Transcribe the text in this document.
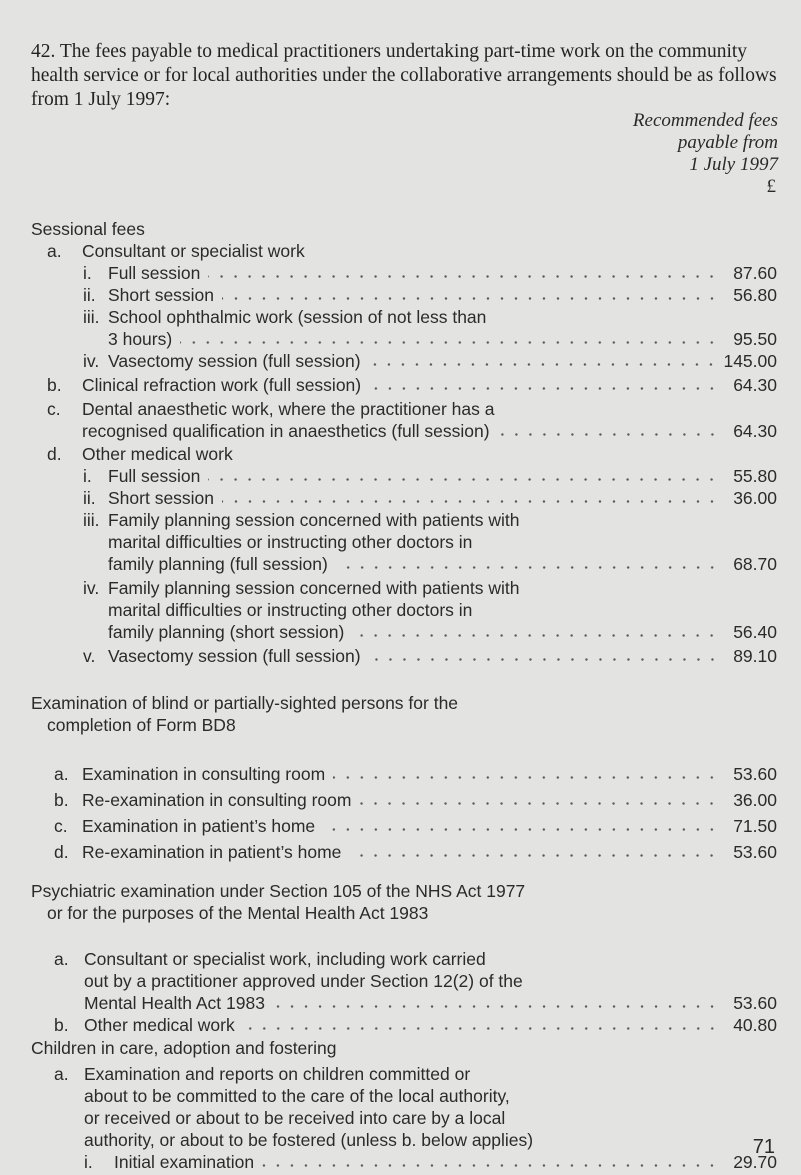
42. The fees payable to medical practitioners undertaking part-time work on the community health service or for local authorities under the collaborative arrangements should be as follows from 1 July 1997:
Recommended fees
payable from
1 July 1997
£
Sessional fees
a. Consultant or specialist work
i. Full session	87.60
ii. Short session	56.80
iii. School ophthalmic work (session of not less than
3 hours)	95.50
iv. Vasectomy session (full session)	145.00
b.	Clinical refraction work (full session)	64.30
c. Dental anaesthetic work, where the practitioner has a
recognised qualification in anaesthetics (full session)	64.30
d. Other medical work
i. Full session	55.80
ii. Short session	36.00
iii. Family planning session concerned with patients with
marital difficulties or instructing other doctors in
family planning (full session)	68.70
iv. Family planning session concerned with patients with
marital difficulties or instructing other doctors in
family planning (short session)	56.40
v. Vasectomy session (full session)	89.10
Examination of blind or partially-sighted persons for the
completion of Form BD8
a. Examination in consulting room	53.60
b. Re-examination in consulting room	36.00
c. Examination in patient’s home	71.50
d. Re-examination in patient’s home	53.60
Psychiatric examination under Section 105 of the NHS Act 1977
or for the purposes of the Mental Health Act 1983
a. Consultant or specialist work, including work carried
out by a practitioner approved under Section 12(2) of the
Mental Health Act 1983	53.60
b. Other medical work	40.80
Children in care, adoption and fostering
a. Examination and reports on children committed or
about to be committed to the care of the local authority,
or received or about to be received into care by a local
authority, or about to be fostered (unless b. below applies)
i.	Initial examination	29.70
71
